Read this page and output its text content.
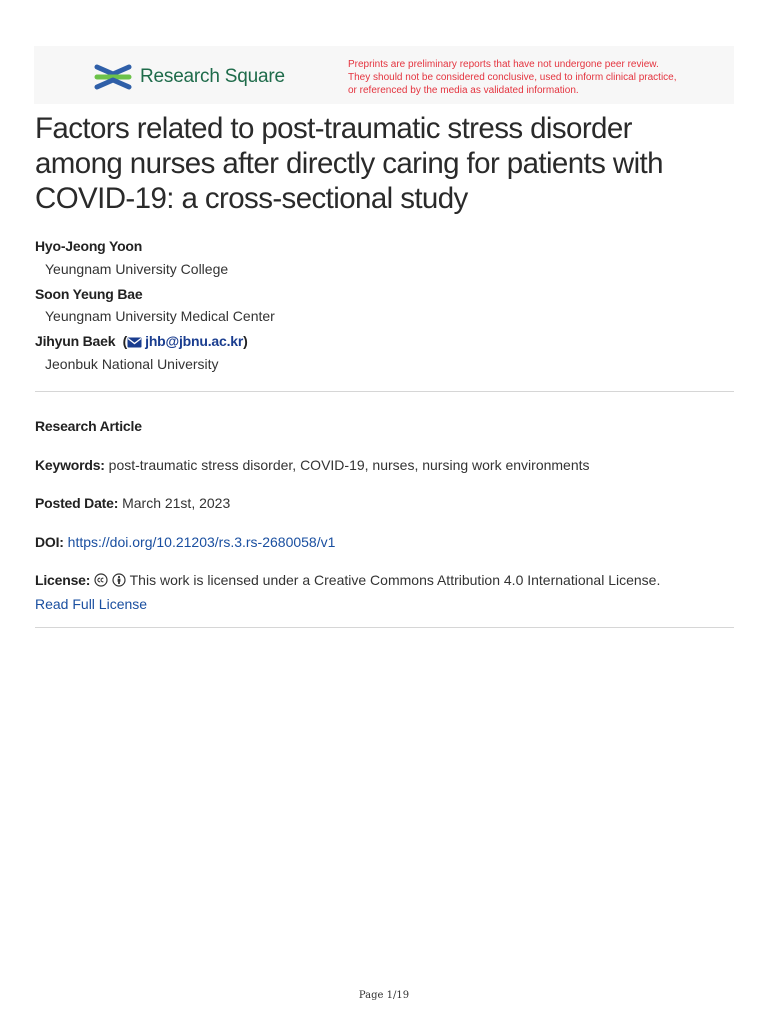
Research Square
Preprints are preliminary reports that have not undergone peer review.
They should not be considered conclusive, used to inform clinical practice,
or referenced by the media as validated information.
Factors related to post-traumatic stress disorder
among nurses after directly caring for patients with
COVID-19: a cross-sectional study
Hyo-Jeong Yoon
Yeungnam University College
Soon Yeung Bae
Yeungnam University Medical Center
Jihyun Baek  ( jhb@jbnu.ac.kr)
Jeonbuk National University
Research Article
Keywords: post-traumatic stress disorder, COVID-19, nurses, nursing work environments
Posted Date: March 21st, 2023
DOI: https://doi.org/10.21203/rs.3.rs-2680058/v1
License:	This work is licensed under a Creative Commons Attribution 4.0 International License.
Read Full License
Page 1/19
